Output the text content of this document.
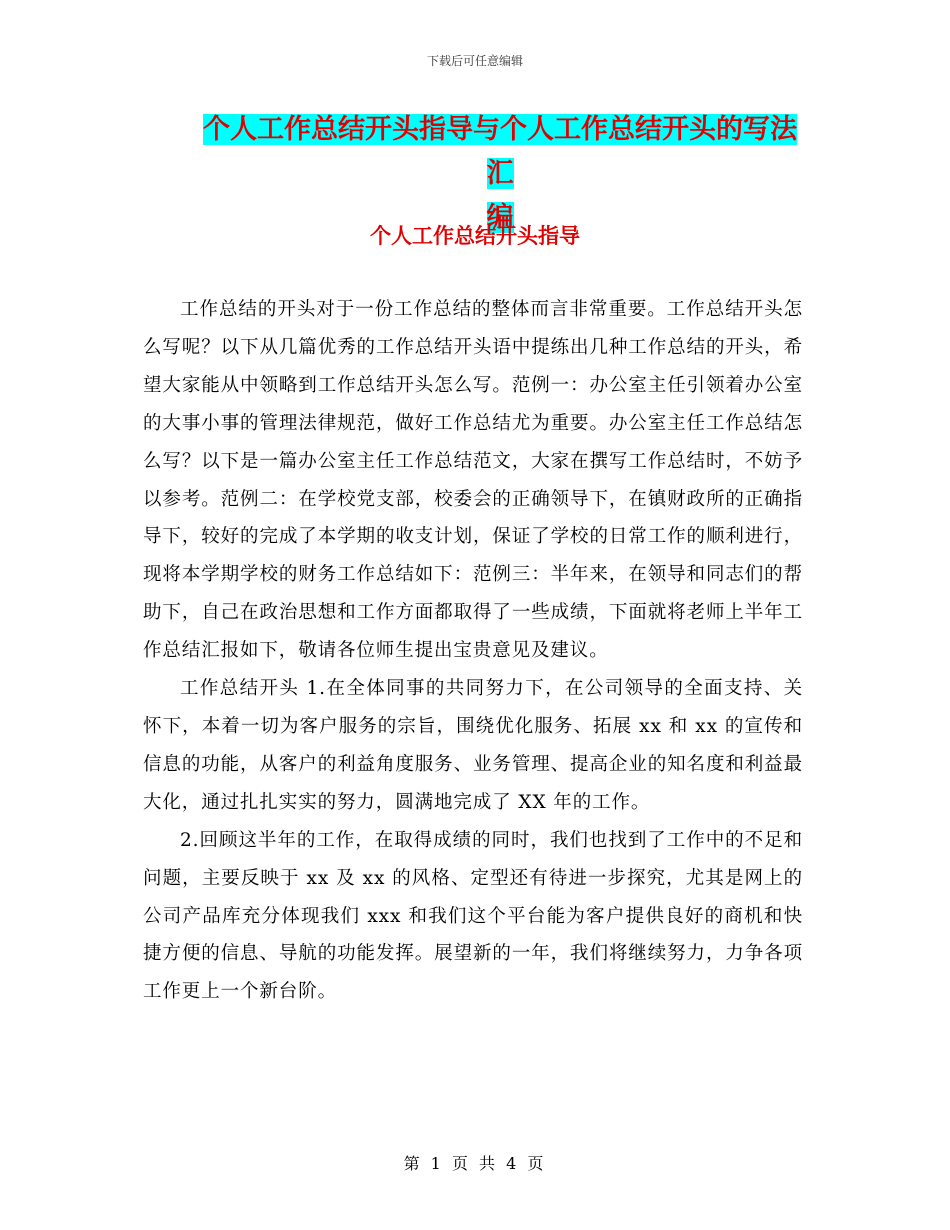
下载后可任意编辑
个人工作总结开头指导与个人工作总结开头的写法汇
编
个人工作总结开头指导

工作总结的开头对于一份工作总结的整体而言非常重要。工作总结开头怎么写呢？以下从几篇优秀的工作总结开头语中提练出几种工作总结的开头，希望大家能从中领略到工作总结开头怎么写。范例一：办公室主任引领着办公室的大事小事的管理法律规范，做好工作总结尤为重要。办公室主任工作总结怎么写？以下是一篇办公室主任工作总结范文，大家在撰写工作总结时，不妨予以参考。范例二：在学校党支部，校委会的正确领导下，在镇财政所的正确指导下，较好的完成了本学期的收支计划，保证了学校的日常工作的顺利进行，现将本学期学校的财务工作总结如下：范例三：半年来，在领导和同志们的帮助下，自己在政治思想和工作方面都取得了一些成绩，下面就将老师上半年工作总结汇报如下，敬请各位师生提出宝贵意见及建议。

工作总结开头 1.在全体同事的共同努力下，在公司领导的全面支持、关怀下，本着一切为客户服务的宗旨，围绕优化服务、拓展 xx 和 xx 的宣传和信息的功能，从客户的利益角度服务、业务管理、提高企业的知名度和利益最大化，通过扎扎实实的努力，圆满地完成了 XX 年的工作。

2.回顾这半年的工作，在取得成绩的同时，我们也找到了工作中的不足和问题，主要反映于 xx 及 xx 的风格、定型还有待进一步探究，尤其是网上的公司产品库充分体现我们 xxx 和我们这个平台能为客户提供良好的商机和快捷方便的信息、导航的功能发挥。展望新的一年，我们将继续努力，力争各项工作更上一个新台阶。

第 1 页 共 4 页
